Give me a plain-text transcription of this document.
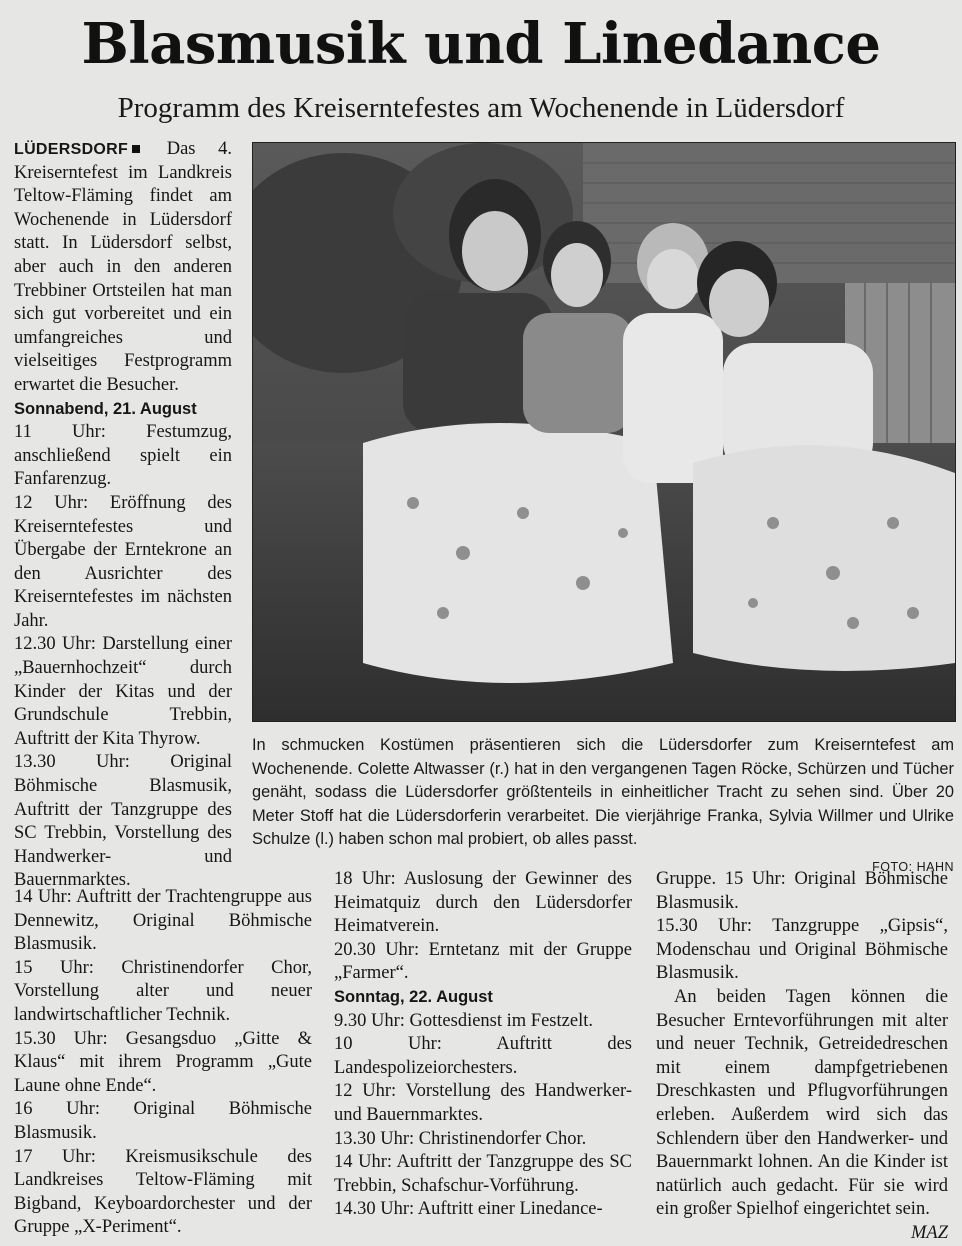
Blasmusik und Linedance
Programm des Kreiserntefestes am Wochenende in Lüdersdorf

LÜDERSDORF Das 4. Kreiserntefest im Landkreis Teltow-Fläming findet am Wochenende in Lüdersdorf statt. In Lüdersdorf selbst, aber auch in den anderen Trebbiner Ortsteilen hat man sich gut vorbereitet und ein umfangreiches und vielseitiges Festprogramm erwartet die Besucher.

Sonnabend, 21. August

11 Uhr: Festumzug, anschließend spielt ein Fanfarenzug.

12 Uhr: Eröffnung des Kreiserntefestes und Übergabe der Erntekrone an den Ausrichter des Kreiserntefestes im nächsten Jahr.

12.30 Uhr: Darstellung einer „Bauernhochzeit“ durch Kinder der Kitas und der Grundschule Trebbin, Auftritt der Kita Thyrow.

13.30 Uhr: Original Böhmische Blasmusik, Auftritt der Tanzgruppe des SC Trebbin, Vorstellung des Handwerker- und Bauernmarktes.

14 Uhr: Auftritt der Trachtengruppe aus Dennewitz, Original Böhmische Blasmusik.

15 Uhr: Christinendorfer Chor, Vorstellung alter und neuer landwirtschaftlicher Technik.

15.30 Uhr: Gesangsduo „Gitte & Klaus“ mit ihrem Programm „Gute Laune ohne Ende“.

16 Uhr: Original Böhmische Blasmusik.

17 Uhr: Kreismusikschule des Landkreises Teltow-Fläming mit Bigband, Keyboardorchester und der Gruppe „X-Periment“.

In schmucken Kostümen präsentieren sich die Lüdersdorfer zum Kreiserntefest am Wochenende. Colette Altwasser (r.) hat in den vergangenen Tagen Röcke, Schürzen und Tücher genäht, sodass die Lüdersdorfer größtenteils in einheitlicher Tracht zu sehen sind. Über 20 Meter Stoff hat die Lüdersdorferin verarbeitet. Die vierjährige Franka, Sylvia Willmer und Ulrike Schulze (l.) haben schon mal probiert, ob alles passt.

FOTO: HAHN

18 Uhr: Auslosung der Gewinner des Heimatquiz durch den Lüdersdorfer Heimatverein.

20.30 Uhr: Erntetanz mit der Gruppe „Farmer“.

Sonntag, 22. August

9.30 Uhr: Gottesdienst im Festzelt.

10 Uhr: Auftritt des Landespolizeiorchesters.

12 Uhr: Vorstellung des Handwerker- und Bauernmarktes.

13.30 Uhr: Christinendorfer Chor.

14 Uhr: Auftritt der Tanzgruppe des SC Trebbin, Schafschur-Vorführung.

14.30 Uhr: Auftritt einer Linedance-

Gruppe. 15 Uhr: Original Böhmische Blasmusik.

15.30 Uhr: Tanzgruppe „Gipsis“, Modenschau und Original Böhmische Blasmusik.

An beiden Tagen können die Besucher Erntevorführungen mit alter und neuer Technik, Getreidedreschen mit einem dampfgetriebenen Dreschkasten und Pflugvorführungen erleben. Außerdem wird sich das Schlendern über den Handwerker- und Bauernmarkt lohnen. An die Kinder ist natürlich auch gedacht. Für sie wird ein großer Spielhof eingerichtet sein.

MAZ
